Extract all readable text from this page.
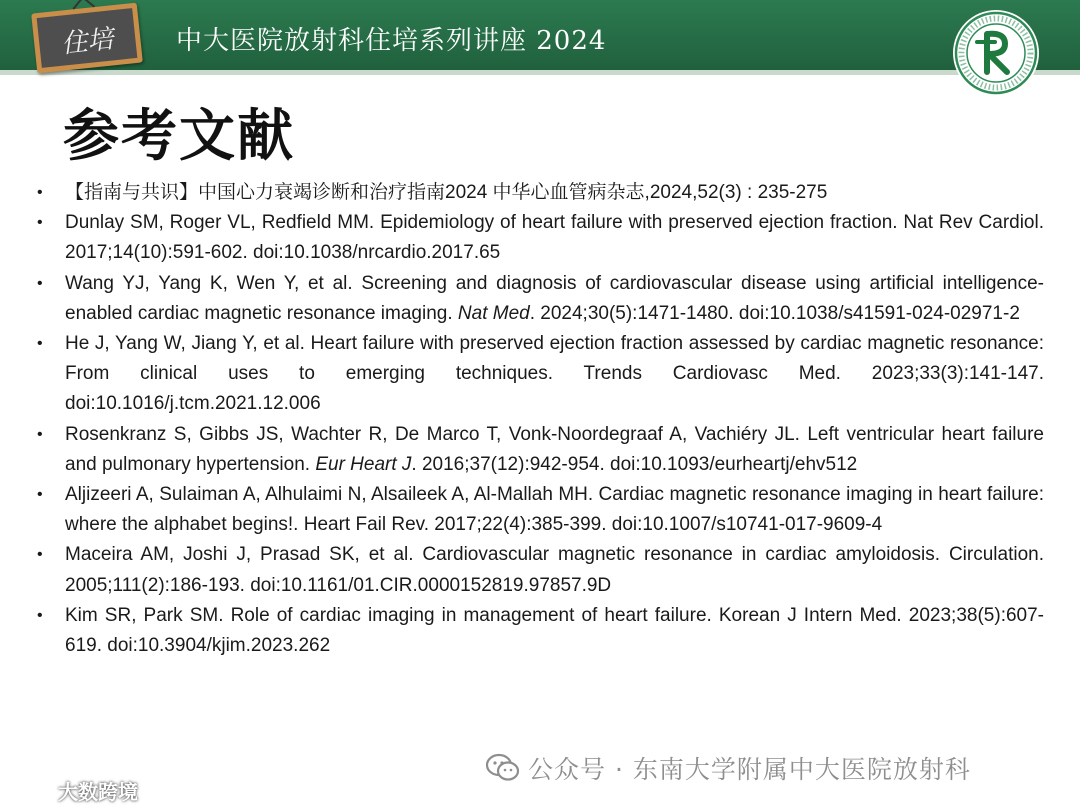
住培	中大医院放射科住培系列讲座 2024
参考文献
• 【指南与共识】中国心力衰竭诊断和治疗指南2024 中华心血管病杂志,2024,52(3) : 235-275
• Dunlay SM, Roger VL, Redfield MM. Epidemiology of heart failure with preserved ejection fraction. Nat Rev Cardiol. 2017;14(10):591-602. doi:10.1038/nrcardio.2017.65
• Wang YJ, Yang K, Wen Y, et al. Screening and diagnosis of cardiovascular disease using artificial intelligence-enabled cardiac magnetic resonance imaging. Nat Med. 2024;30(5):1471-1480. doi:10.1038/s41591-024-02971-2
• He J, Yang W, Jiang Y, et al. Heart failure with preserved ejection fraction assessed by cardiac magnetic resonance: From clinical uses to emerging techniques. Trends Cardiovasc Med. 2023;33(3):141-147. doi:10.1016/j.tcm.2021.12.006
• Rosenkranz S, Gibbs JS, Wachter R, De Marco T, Vonk-Noordegraaf A, Vachiéry JL. Left ventricular heart failure and pulmonary hypertension. Eur Heart J. 2016;37(12):942-954. doi:10.1093/eurheartj/ehv512
• Aljizeeri A, Sulaiman A, Alhulaimi N, Alsaileek A, Al-Mallah MH. Cardiac magnetic resonance imaging in heart failure: where the alphabet begins!. Heart Fail Rev. 2017;22(4):385-399. doi:10.1007/s10741-017-9609-4
• Maceira AM, Joshi J, Prasad SK, et al. Cardiovascular magnetic resonance in cardiac amyloidosis. Circulation. 2005;111(2):186-193. doi:10.1161/01.CIR.0000152819.97857.9D
• Kim SR, Park SM. Role of cardiac imaging in management of heart failure. Korean J Intern Med. 2023;38(5):607-619. doi:10.3904/kjim.2023.262
公众号 · 东南大学附属中大医院放射科
大数跨境
